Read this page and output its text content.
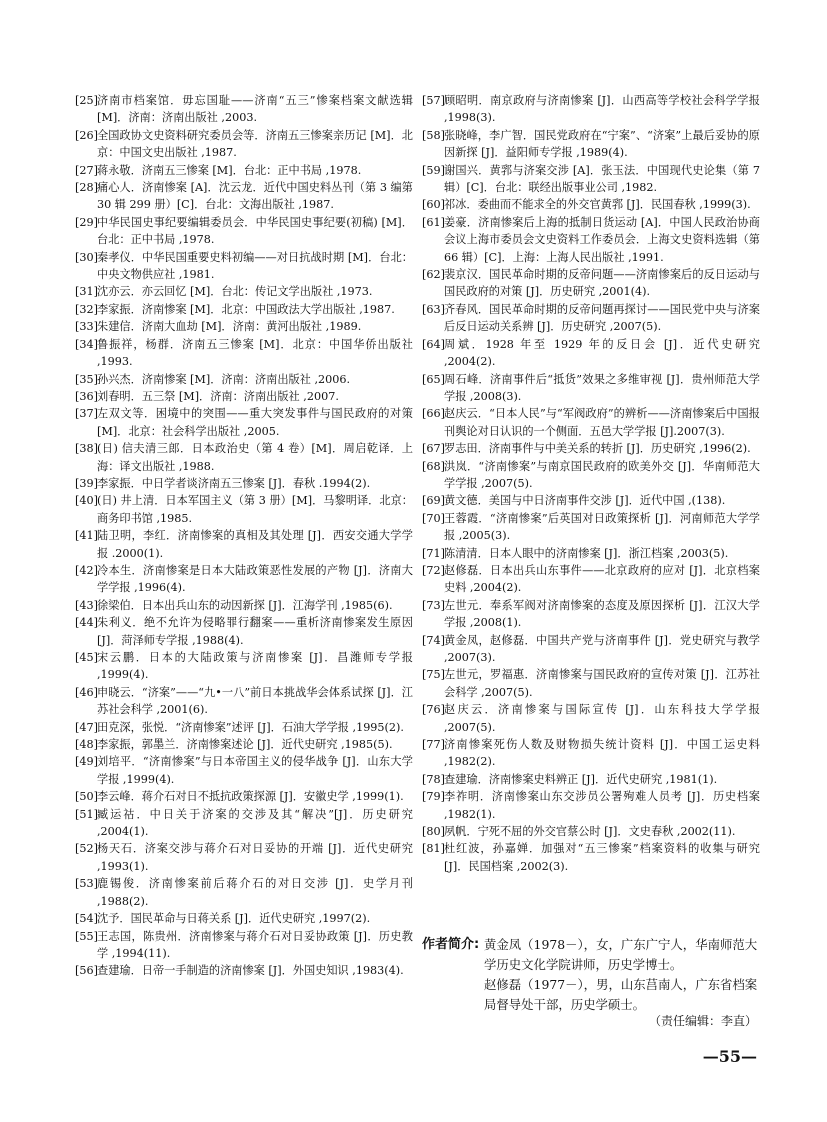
[25] 济南市档案馆．毋忘国耻——济南“五三”惨案档案文献选辑 [M]．济南：济南出版社 ,2003.
[26] 全国政协文史资料研究委员会等．济南五三惨案亲历记 [M]．北京：中国文史出版社 ,1987.
[27] 蒋永敬．济南五三惨案 [M]．台北：正中书局 ,1978.
[28] 痛心人．济南惨案 [A]．沈云龙．近代中国史料丛刊（第 3 编第 30 辑 299 册）[C]．台北：文海出版社 ,1987.
[29] 中华民国史事纪要编辑委员会．中华民国史事纪要(初稿) [M]．台北：正中书局 ,1978.
[30] 秦孝仪．中华民国重要史料初编——对日抗战时期 [M]．台北：中央文物供应社 ,1981.
[31] 沈亦云．亦云回忆 [M]．台北：传记文学出版社 ,1973.
[32] 李家振．济南惨案 [M]．北京：中国政法大学出版社 ,1987.
[33] 朱建信．济南大血劫 [M]．济南：黄河出版社 ,1989.
[34] 鲁振祥，杨群．济南五三惨案 [M]．北京：中国华侨出版社 ,1993.
[35] 孙兴杰．济南惨案 [M]．济南：济南出版社 ,2006.
[36] 刘春明．五三祭 [M]．济南：济南出版社 ,2007.
[37] 左双文等．困境中的突围——重大突发事件与国民政府的对策 [M]．北京：社会科学出版社 ,2005.
[38] (日) 信夫清三郎．日本政治史（第 4 卷）[M]．周启乾译．上海：译文出版社 ,1988.
[39] 李家振．中日学者谈济南五三惨案 [J]．春秋 .1994(2).
[40] (日) 井上清．日本军国主义（第 3 册）[M]．马黎明译．北京：商务印书馆 ,1985.
[41] 陆卫明，李红．济南惨案的真相及其处理 [J]．西安交通大学学报 .2000(1).
[42] 冷本生．济南惨案是日本大陆政策恶性发展的产物 [J]．济南大学学报 ,1996(4).
[43] 徐梁伯．日本出兵山东的动因新探 [J]．江海学刊 ,1985(6).
[44] 朱利义．绝不允许为侵略罪行翻案——重析济南惨案发生原因 [J]．菏泽师专学报 ,1988(4).
[45] 宋云鹏．日本的大陆政策与济南惨案 [J]．昌潍师专学报 ,1999(4).
[46] 申晓云．“济案”——“九•一八”前日本挑战华会体系试探 [J]．江苏社会科学 ,2001(6).
[47] 田克深，张悦．“济南惨案”述评 [J]．石油大学学报 ,1995(2).
[48] 李家振，郭墨兰．济南惨案述论 [J]．近代史研究 ,1985(5).
[49] 刘培平．“济南惨案”与日本帝国主义的侵华战争 [J]．山东大学学报 ,1999(4).
[50] 李云峰．蒋介石对日不抵抗政策探源 [J]．安徽史学 ,1999(1).
[51] 臧运祜．中日关于济案的交涉及其“解决”[J]．历史研究 ,2004(1).
[52] 杨天石．济案交涉与蒋介石对日妥协的开端 [J]．近代史研究 ,1993(1).
[53] 鹿锡俊．济南惨案前后蒋介石的对日交涉 [J]．史学月刊 ,1988(2).
[54] 沈予．国民革命与日蒋关系 [J]．近代史研究 ,1997(2).
[55] 王志国，陈贵州．济南惨案与蒋介石对日妥协政策 [J]．历史教学 ,1994(11).
[56] 查建瑜．日帝一手制造的济南惨案 [J]．外国史知识 ,1983(4).
[57] 顾昭明．南京政府与济南惨案 [J]．山西高等学校社会科学学报 ,1998(3).
[58] 张晓峰，李广智．国民党政府在“宁案”、“济案”上最后妥协的原因新探 [J]．益阳师专学报 ,1989(4).
[59] 谢国兴．黄郛与济案交涉 [A]．张玉法．中国现代史论集（第 7 辑）[C]．台北：联经出版事业公司 ,1982.
[60] 祁冰．委曲而不能求全的外交官黄郛 [J]．民国春秋 ,1999(3).
[61] 姜豪．济南惨案后上海的抵制日货运动 [A]．中国人民政治协商会议上海市委员会文史资料工作委员会．上海文史资料选辑（第 66 辑）[C]．上海：上海人民出版社 ,1991.
[62] 裴京汉．国民革命时期的反帝问题——济南惨案后的反日运动与国民政府的对策 [J]．历史研究 ,2001(4).
[63] 齐春风．国民革命时期的反帝问题再探讨——国民党中央与济案后反日运动关系辨 [J]．历史研究 ,2007(5).
[64] 周斌．1928 年至 1929 年的反日会 [J]．近代史研究 ,2004(2).
[65] 周石峰．济南事件后“抵货”效果之多维审视 [J]．贵州师范大学学报 ,2008(3).
[66] 赵庆云．“日本人民”与“军阀政府”的辨析——济南惨案后中国报刊舆论对日认识的一个侧面．五邑大学学报 [J].2007(3).
[67] 罗志田．济南事件与中美关系的转折 [J]．历史研究 ,1996(2).
[68] 洪岚．“济南惨案”与南京国民政府的欧美外交 [J]．华南师范大学学报 ,2007(5).
[69] 黄文德．美国与中日济南事件交涉 [J]．近代中国 ,(138).
[70] 王蓉霞．“济南惨案”后英国对日政策探析 [J]．河南师范大学学报 ,2005(3).
[71] 陈清清．日本人眼中的济南惨案 [J]．浙江档案 ,2003(5).
[72] 赵修磊．日本出兵山东事件——北京政府的应对 [J]．北京档案史料 ,2004(2).
[73] 左世元．奉系军阀对济南惨案的态度及原因探析 [J]．江汉大学学报 ,2008(1).
[74] 黄金凤，赵修磊．中国共产党与济南事件 [J]．党史研究与教学 ,2007(3).
[75] 左世元，罗福惠．济南惨案与国民政府的宣传对策 [J]．江苏社会科学 ,2007(5).
[76] 赵庆云．济南惨案与国际宣传 [J]．山东科技大学学报 ,2007(5).
[77] 济南惨案死伤人数及财物损失统计资料 [J]．中国工运史料 ,1982(2).
[78] 查建瑜．济南惨案史料辨正 [J]．近代史研究 ,1981(1).
[79] 李祚明．济南惨案山东交涉员公署殉难人员考 [J]．历史档案 ,1982(1).
[80] 夙帆．宁死不屈的外交官蔡公时 [J]．文史春秋 ,2002(11).
[81] 杜红波，孙嘉婵．加强对“五三惨案”档案资料的收集与研究 [J]．民国档案 ,2002(3).
作者简介: 黄金凤（1978－），女，广东广宁人，华南师范大学历史文化学院讲师，历史学博士。
赵修磊（1977－），男，山东莒南人，广东省档案局督导处干部，历史学硕士。
（责任编辑：李直）
—55—
